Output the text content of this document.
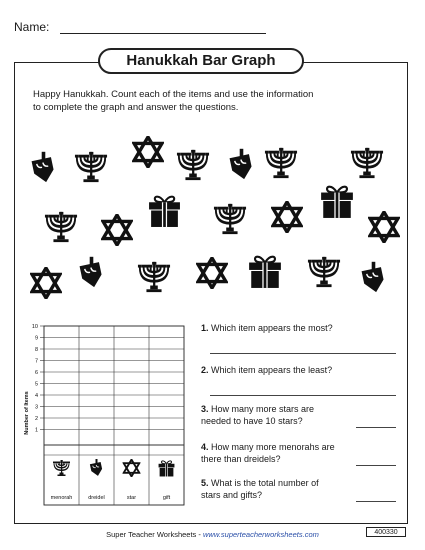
Name:
Hanukkah Bar Graph
Happy Hanukkah. Count each of the items and use the information
to complete the graph and answer the questions.
Number of Items
10
9
8
7
6
5
4
3
2
1
menorah	dreidel	star	gift
1. Which item appears the most?
2. Which item appears the least?
3. How many more stars are
needed to have 10 stars?
4. How many more menorahs are
there than dreidels?
5. What is the total number of
stars and gifts?
Super Teacher Worksheets - www.superteacherworksheets.com	400330
